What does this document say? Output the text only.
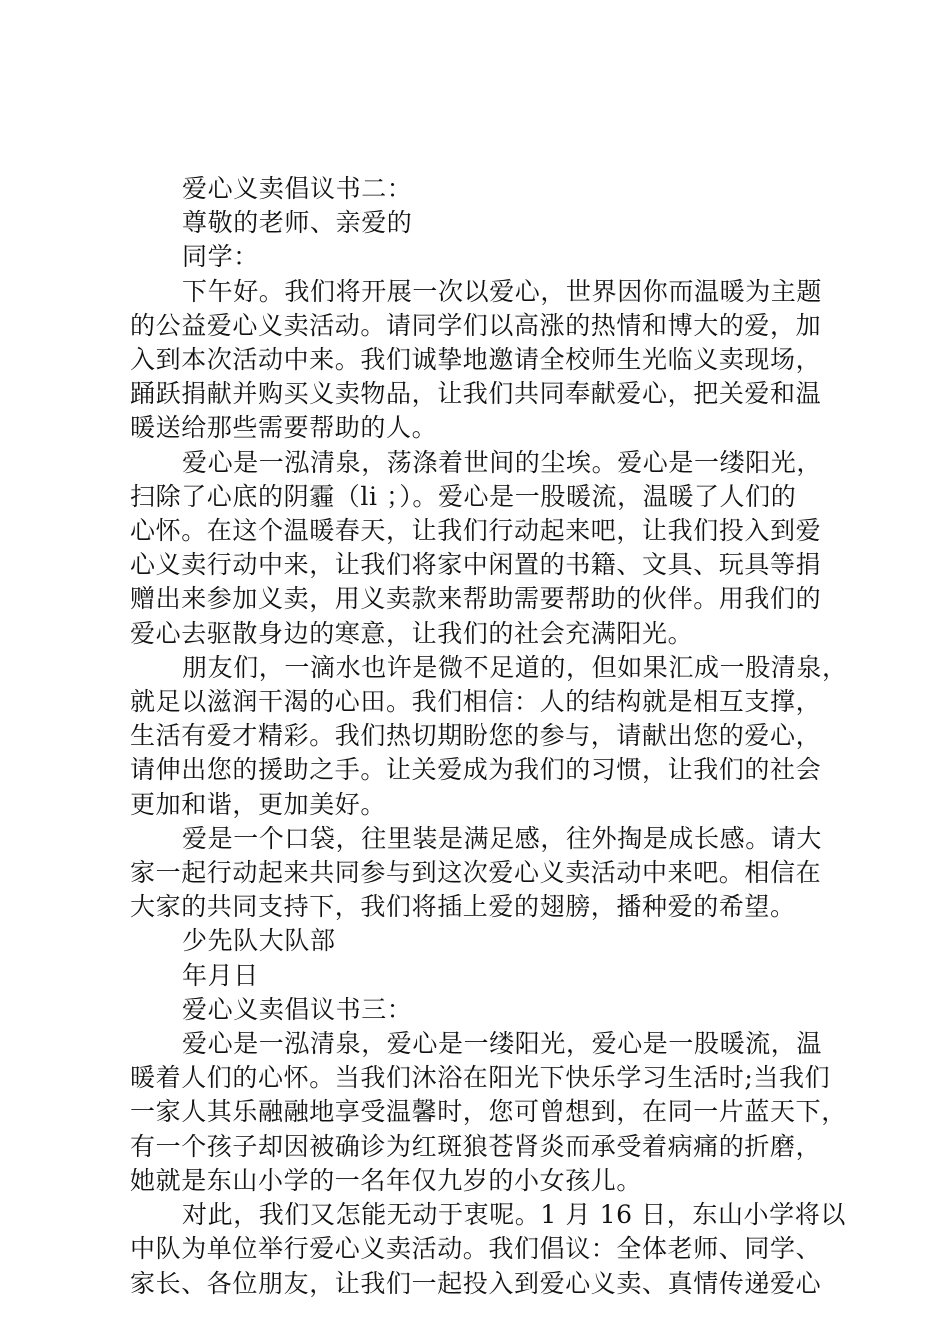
爱心义卖倡议书二：
尊敬的老师、亲爱的
同学：
下午好。我们将开展一次以爱心，世界因你而温暖为主题
的公益爱心义卖活动。请同学们以高涨的热情和博大的爱，加
入到本次活动中来。我们诚挚地邀请全校师生光临义卖现场，
踊跃捐献并购买义卖物品，让我们共同奉献爱心，把关爱和温
暖送给那些需要帮助的人。
爱心是一泓清泉，荡涤着世间的尘埃。爱心是一缕阳光，
扫除了心底的阴霾（li ；）。爱心是一股暖流，温暖了人们的
心怀。在这个温暖春天，让我们行动起来吧，让我们投入到爱
心义卖行动中来，让我们将家中闲置的书籍、文具、玩具等捐
赠出来参加义卖，用义卖款来帮助需要帮助的伙伴。用我们的
爱心去驱散身边的寒意，让我们的社会充满阳光。
朋友们，一滴水也许是微不足道的，但如果汇成一股清泉，
就足以滋润干渴的心田。我们相信：人的结构就是相互支撑，
生活有爱才精彩。我们热切期盼您的参与，请献出您的爱心，
请伸出您的援助之手。让关爱成为我们的习惯，让我们的社会
更加和谐，更加美好。
爱是一个口袋，往里装是满足感，往外掏是成长感。请大
家一起行动起来共同参与到这次爱心义卖活动中来吧。相信在
大家的共同支持下，我们将插上爱的翅膀，播种爱的希望。
少先队大队部
年月日
爱心义卖倡议书三：
爱心是一泓清泉，爱心是一缕阳光，爱心是一股暖流，温
暖着人们的心怀。当我们沐浴在阳光下快乐学习生活时;当我们
一家人其乐融融地享受温馨时，您可曾想到，在同一片蓝天下，
有一个孩子却因被确诊为红斑狼苍肾炎而承受着病痛的折磨，
她就是东山小学的一名年仅九岁的小女孩儿。
对此，我们又怎能无动于衷呢。1 月 16 日，东山小学将以
中队为单位举行爱心义卖活动。我们倡议：全体老师、同学、
家长、各位朋友，让我们一起投入到爱心义卖、真情传递爱心
